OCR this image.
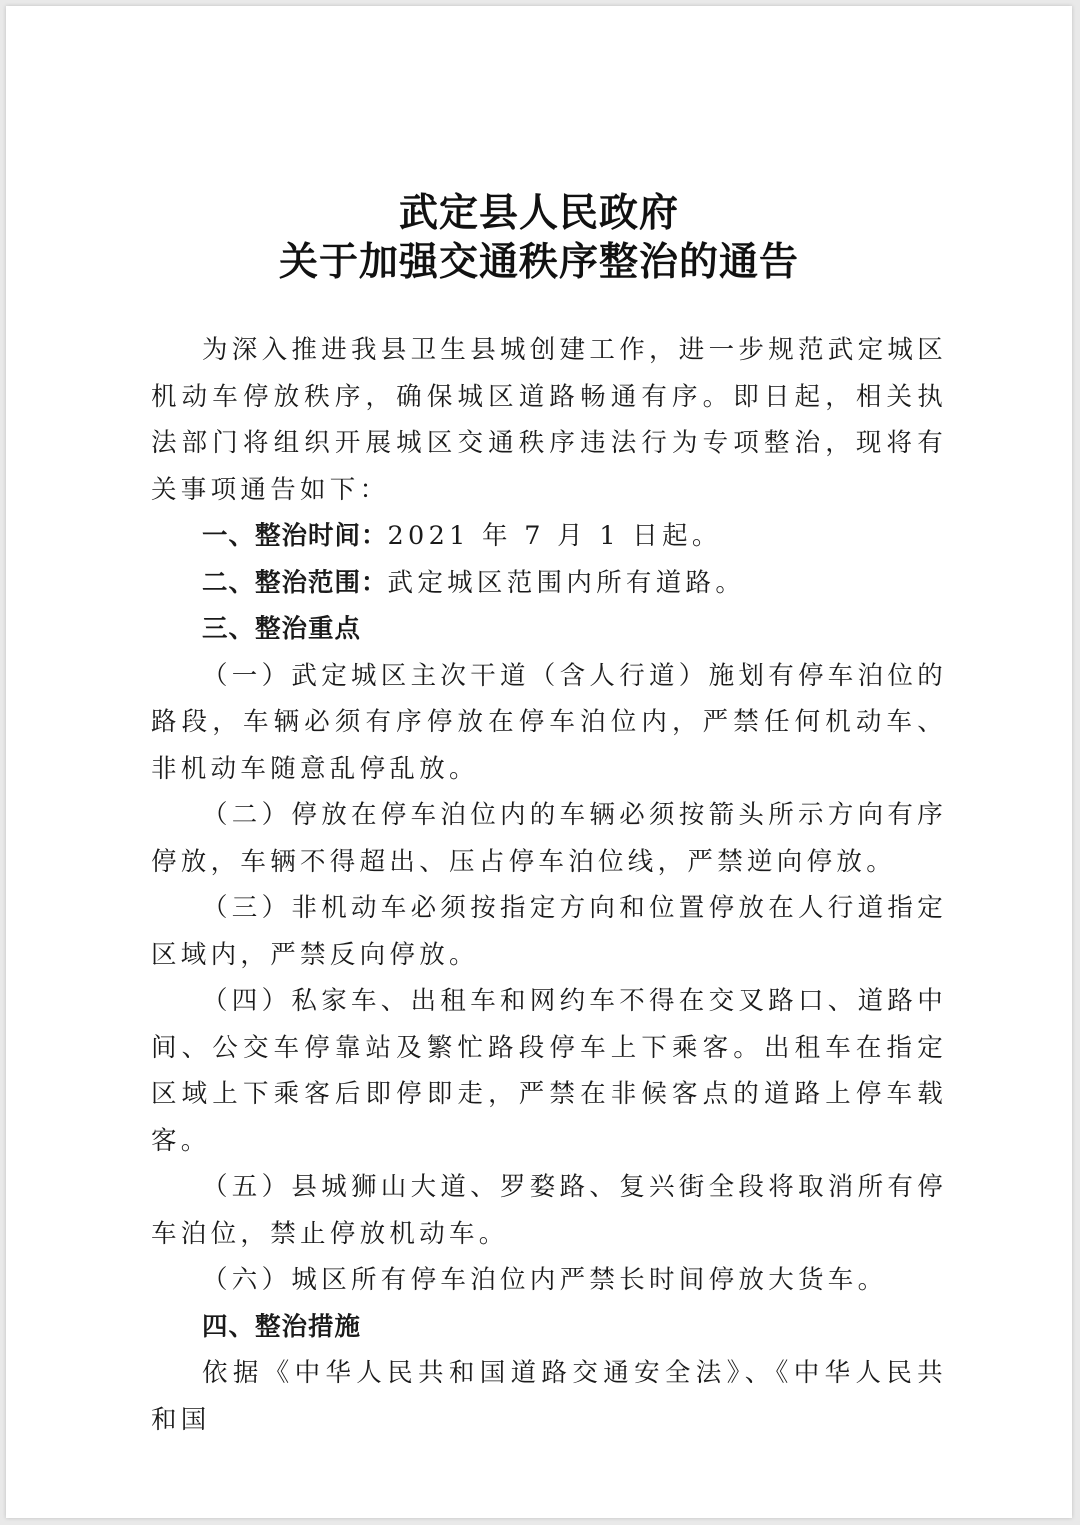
武定县人民政府
关于加强交通秩序整治的通告

为深入推进我县卫生县城创建工作，进一步规范武定城区机动车停放秩序，确保城区道路畅通有序。即日起，相关执法部门将组织开展城区交通秩序违法行为专项整治，现将有关事项通告如下：

一、整治时间：2021 年 7 月 1 日起。

二、整治范围：武定城区范围内所有道路。

三、整治重点

（一）武定城区主次干道（含人行道）施划有停车泊位的路段，车辆必须有序停放在停车泊位内，严禁任何机动车、非机动车随意乱停乱放。

（二）停放在停车泊位内的车辆必须按箭头所示方向有序停放，车辆不得超出、压占停车泊位线，严禁逆向停放。

（三）非机动车必须按指定方向和位置停放在人行道指定区域内，严禁反向停放。

（四）私家车、出租车和网约车不得在交叉路口、道路中间、公交车停靠站及繁忙路段停车上下乘客。出租车在指定区域上下乘客后即停即走，严禁在非候客点的道路上停车载客。

（五）县城狮山大道、罗婺路、复兴街全段将取消所有停车泊位，禁止停放机动车。

（六）城区所有停车泊位内严禁长时间停放大货车。

四、整治措施

依据《中华人民共和国道路交通安全法》、《中华人民共和国
